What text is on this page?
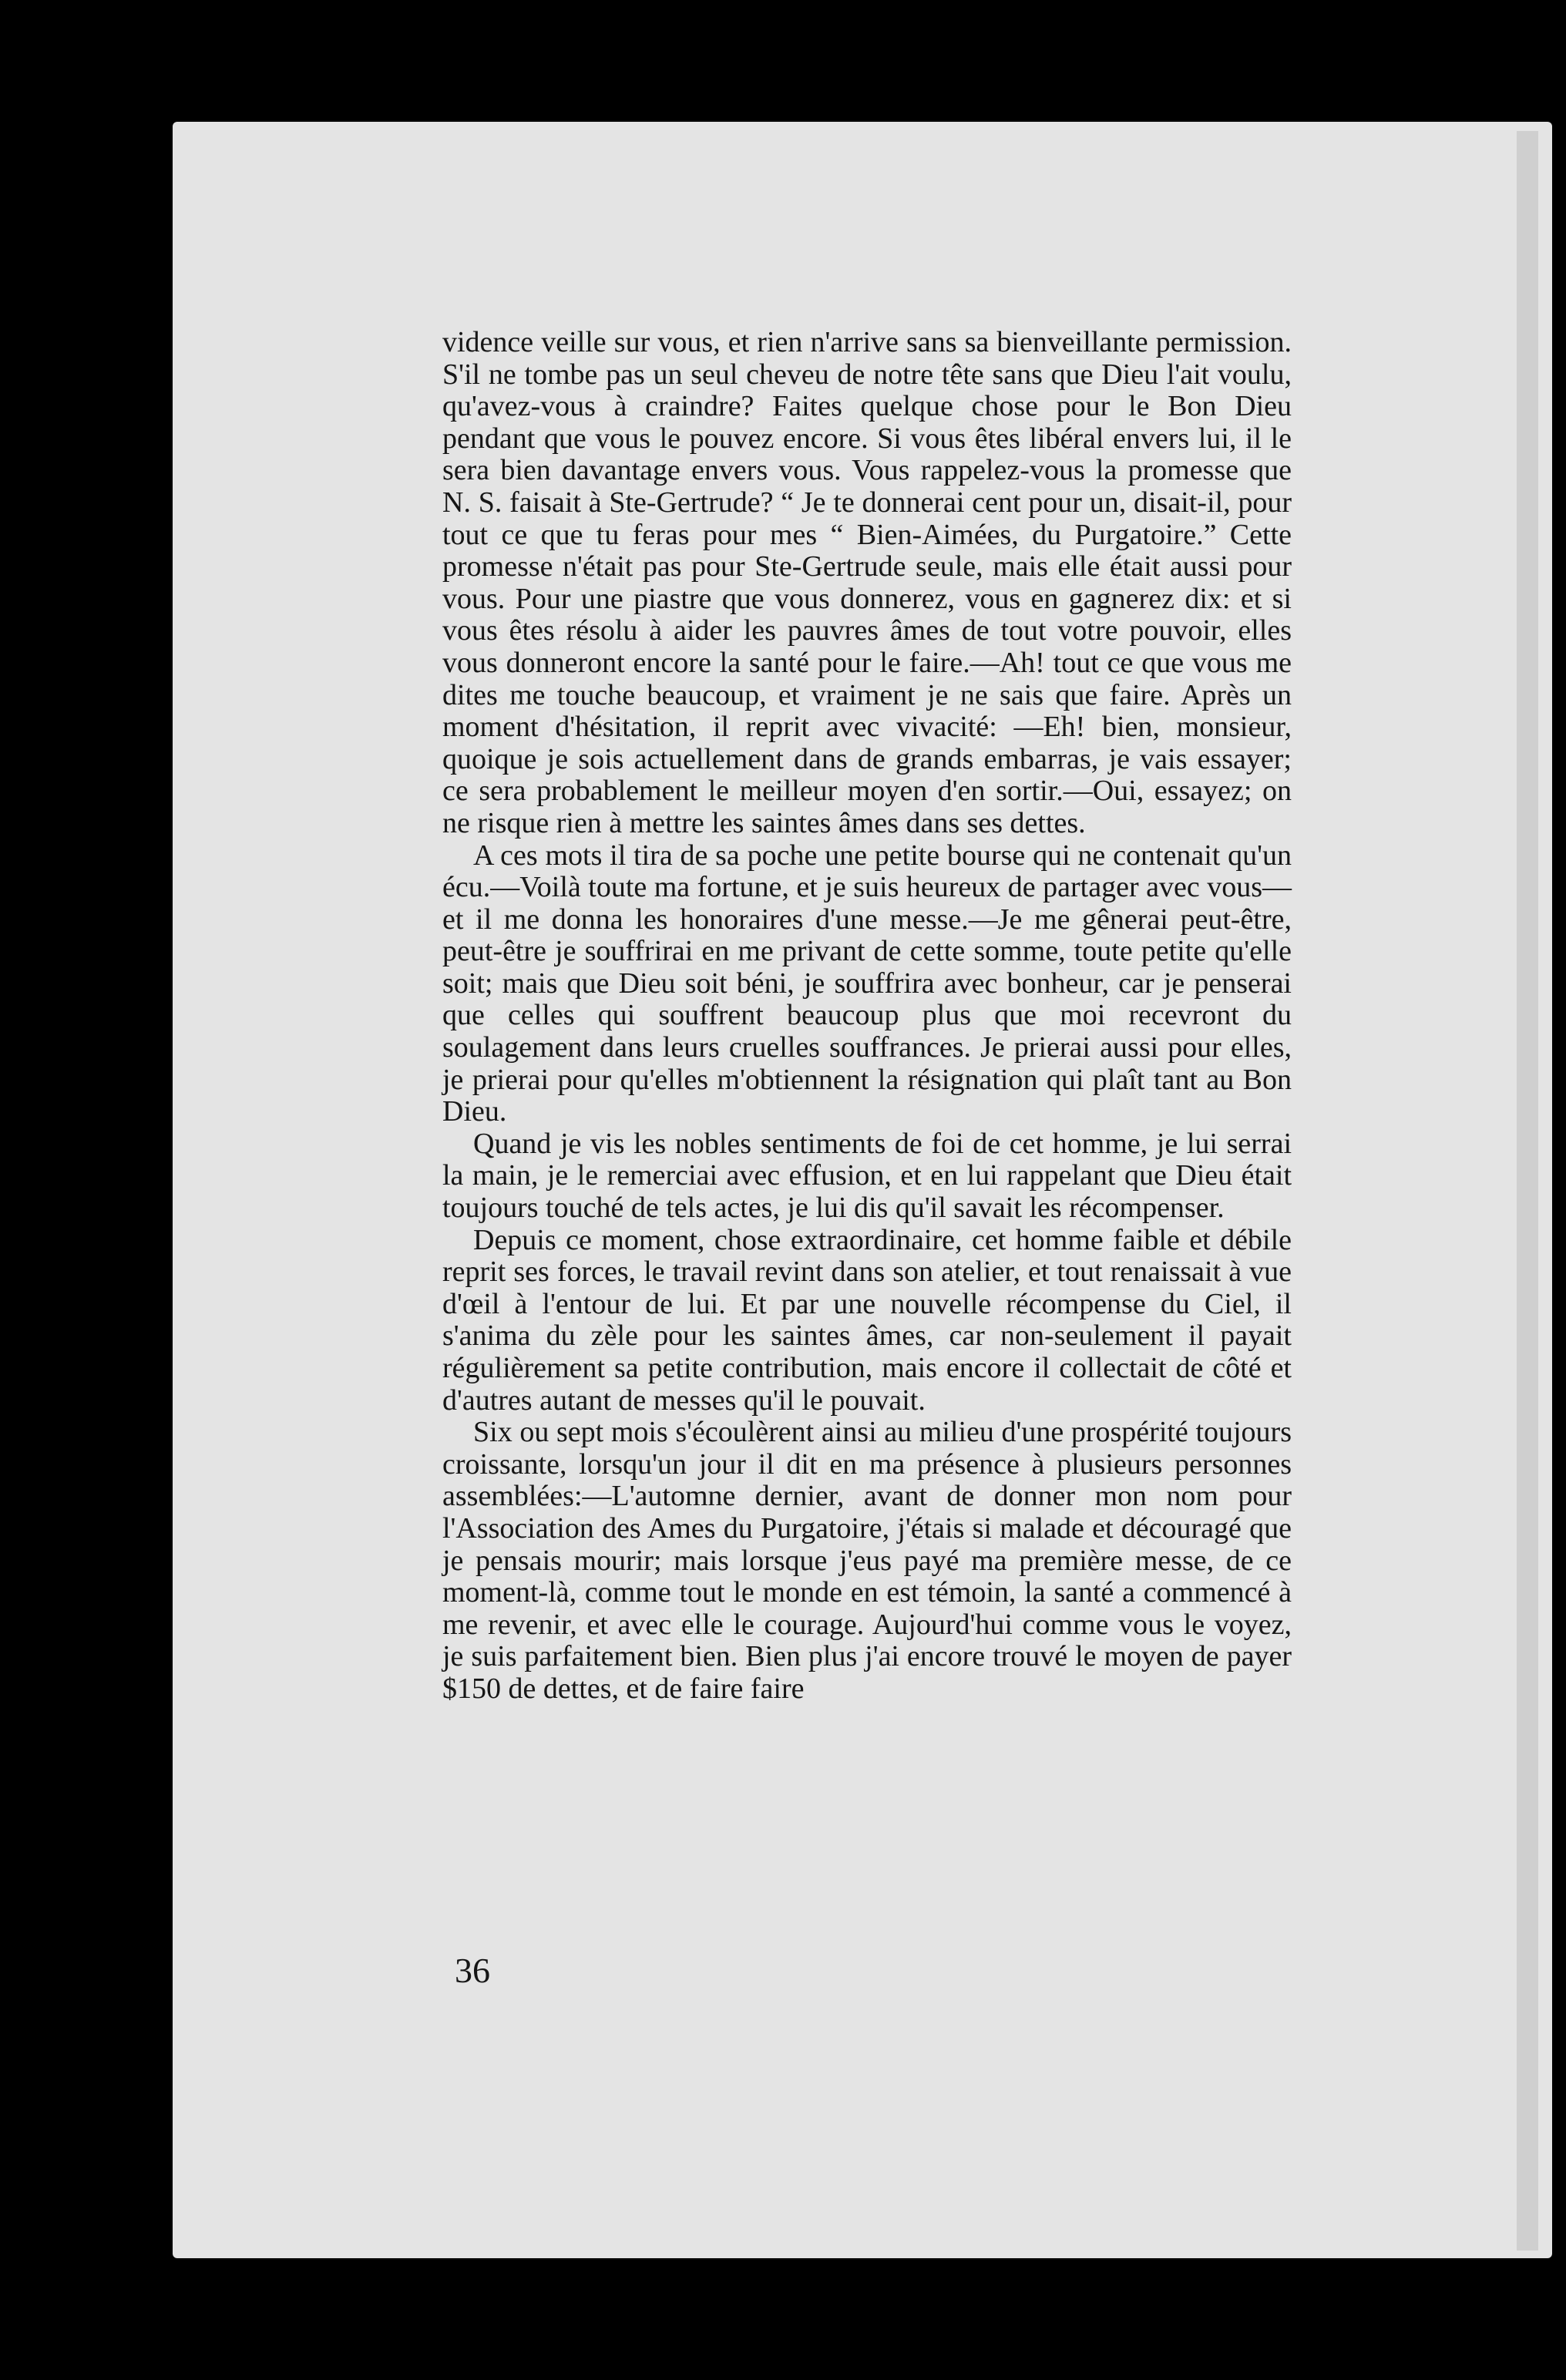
vidence veille sur vous, et rien n'arrive sans sa bienveillante permission. S'il ne tombe pas un seul cheveu de notre tête sans que Dieu l'ait voulu, qu'avez-vous à craindre? Faites quelque chose pour le Bon Dieu pendant que vous le pouvez encore. Si vous êtes libéral envers lui, il le sera bien davantage envers vous. Vous rappelez-vous la promesse que N. S. faisait à Ste-Gertrude? “ Je te donnerai cent pour un, disait-il, pour tout ce que tu feras pour mes “ Bien-Aimées, du Purgatoire.” Cette promesse n'était pas pour Ste-Gertrude seule, mais elle était aussi pour vous. Pour une piastre que vous donnerez, vous en gagnerez dix: et si vous êtes résolu à aider les pauvres âmes de tout votre pouvoir, elles vous donneront encore la santé pour le faire.—Ah! tout ce que vous me dites me touche beaucoup, et vraiment je ne sais que faire. Après un moment d'hésitation, il reprit avec vivacité: —Eh! bien, monsieur, quoique je sois actuellement dans de grands embarras, je vais essayer; ce sera probablement le meilleur moyen d'en sortir.—Oui, essayez; on ne risque rien à mettre les saintes âmes dans ses dettes.

A ces mots il tira de sa poche une petite bourse qui ne contenait qu'un écu.—Voilà toute ma fortune, et je suis heureux de partager avec vous—et il me donna les honoraires d'une messe.—Je me gênerai peut-être, peut-être je souffrirai en me privant de cette somme, toute petite qu'elle soit; mais que Dieu soit béni, je souffrira avec bonheur, car je penserai que celles qui souffrent beaucoup plus que moi recevront du soulagement dans leurs cruelles souffrances. Je prierai aussi pour elles, je prierai pour qu'elles m'obtiennent la résignation qui plaît tant au Bon Dieu.

Quand je vis les nobles sentiments de foi de cet homme, je lui serrai la main, je le remerciai avec effusion, et en lui rappelant que Dieu était toujours touché de tels actes, je lui dis qu'il savait les récompenser.

Depuis ce moment, chose extraordinaire, cet homme faible et débile reprit ses forces, le travail revint dans son atelier, et tout renaissait à vue d'œil à l'entour de lui. Et par une nouvelle récompense du Ciel, il s'anima du zèle pour les saintes âmes, car non-seulement il payait régulièrement sa petite contribution, mais encore il collectait de côté et d'autres autant de messes qu'il le pouvait.

Six ou sept mois s'écoulèrent ainsi au milieu d'une prospérité toujours croissante, lorsqu'un jour il dit en ma présence à plusieurs personnes assemblées:—L'automne dernier, avant de donner mon nom pour l'Association des Ames du Purgatoire, j'étais si malade et découragé que je pensais mourir; mais lorsque j'eus payé ma première messe, de ce moment-là, comme tout le monde en est témoin, la santé a commencé à me revenir, et avec elle le courage. Aujourd'hui comme vous le voyez, je suis parfaitement bien. Bien plus j'ai encore trouvé le moyen de payer $150 de dettes, et de faire faire

36
